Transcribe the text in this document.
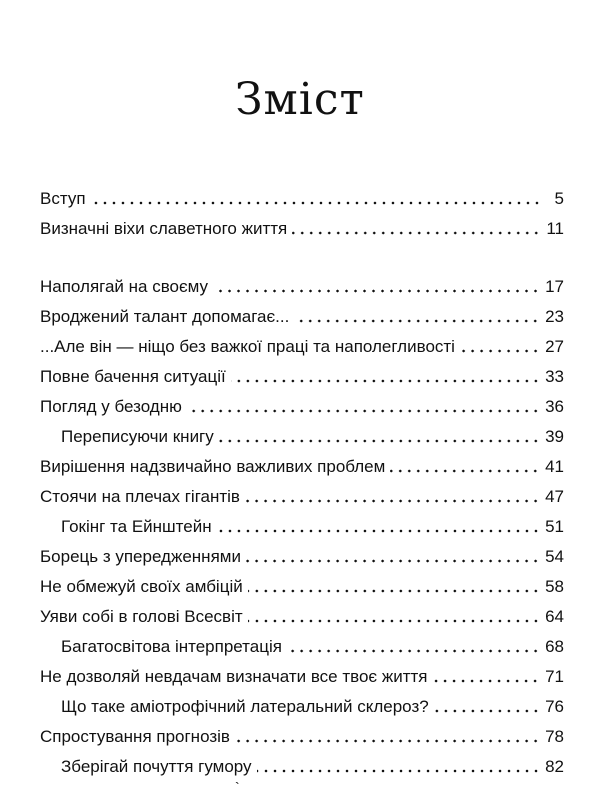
Зміст
Вступ	5
Визначні віхи славетного життя	11
Наполягай на своєму	17
Вроджений талант допомагає...	23
...Але він — ніщо без важкої праці та наполегливості	27
Повне бачення ситуації	33
Погляд у безодню	36
Переписуючи книгу	39
Вирішення надзвичайно важливих проблем	41
Стоячи на плечах гігантів	47
Гокінг та Ейнштейн	51
Борець з упередженнями	54
Не обмежуй своїх амбіцій	58
Уяви собі в голові Всесвіт	64
Багатосвітова інтерпретація	68
Не дозволяй невдачам визначати все твоє життя	71
Що таке аміотрофічний латеральний склероз?	76
Спростування прогнозів	78
Зберігай почуття гумору	82
`
